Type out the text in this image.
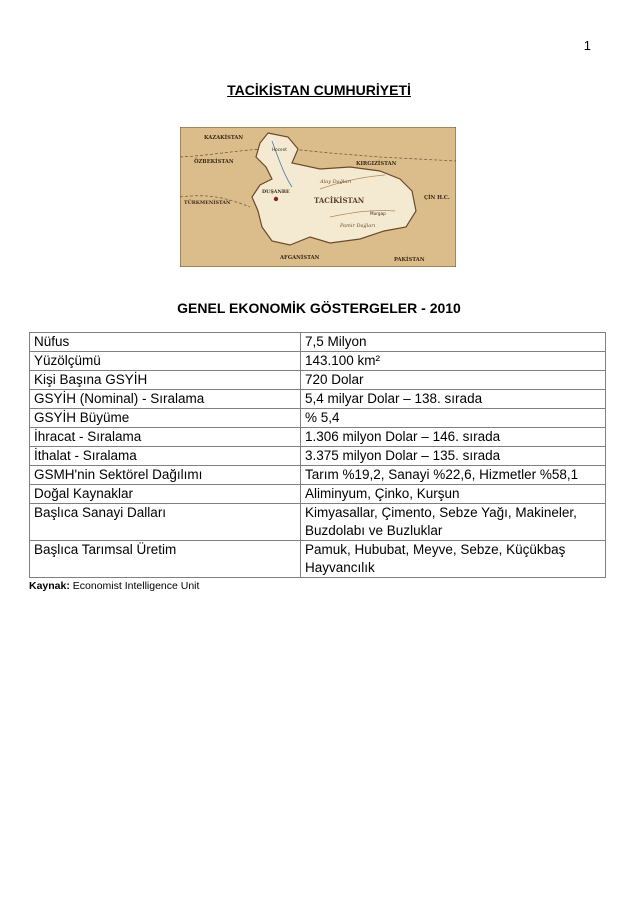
1
TACİKİSTAN CUMHURİYETİ
KAZAKİSTAN
ÖZBEKİSTAN	KIRGIZİSTAN
TÜRKMENİSTAN
ÇİN H.C.
TACİKİSTAN
DUŞANBE
AFGANİSTAN	PAKİSTAN
Alay Dağları
Pamir Dağları
Hocent
Murgap
GENEL EKONOMİK GÖSTERGELER - 2010
Nüfus	7,5 Milyon
Yüzölçümü	143.100 km²
Kişi Başına GSYİH	720 Dolar
GSYİH (Nominal) - Sıralama	5,4 milyar Dolar – 138. sırada
GSYİH Büyüme	% 5,4
İhracat - Sıralama	1.306 milyon Dolar – 146. sırada
İthalat - Sıralama	3.375 milyon Dolar – 135. sırada
GSMH'nin Sektörel Dağılımı	Tarım %19,2, Sanayi %22,6, Hizmetler %58,1
Doğal Kaynaklar	Aliminyum, Çinko, Kurşun
Başlıca Sanayi Dalları	Kimyasallar, Çimento, Sebze Yağı, Makineler, Buzdolabı ve Buzluklar
Başlıca Tarımsal Üretim	Pamuk, Hububat, Meyve, Sebze, Küçükbaş Hayvancılık
Kaynak: Economist Intelligence Unit
